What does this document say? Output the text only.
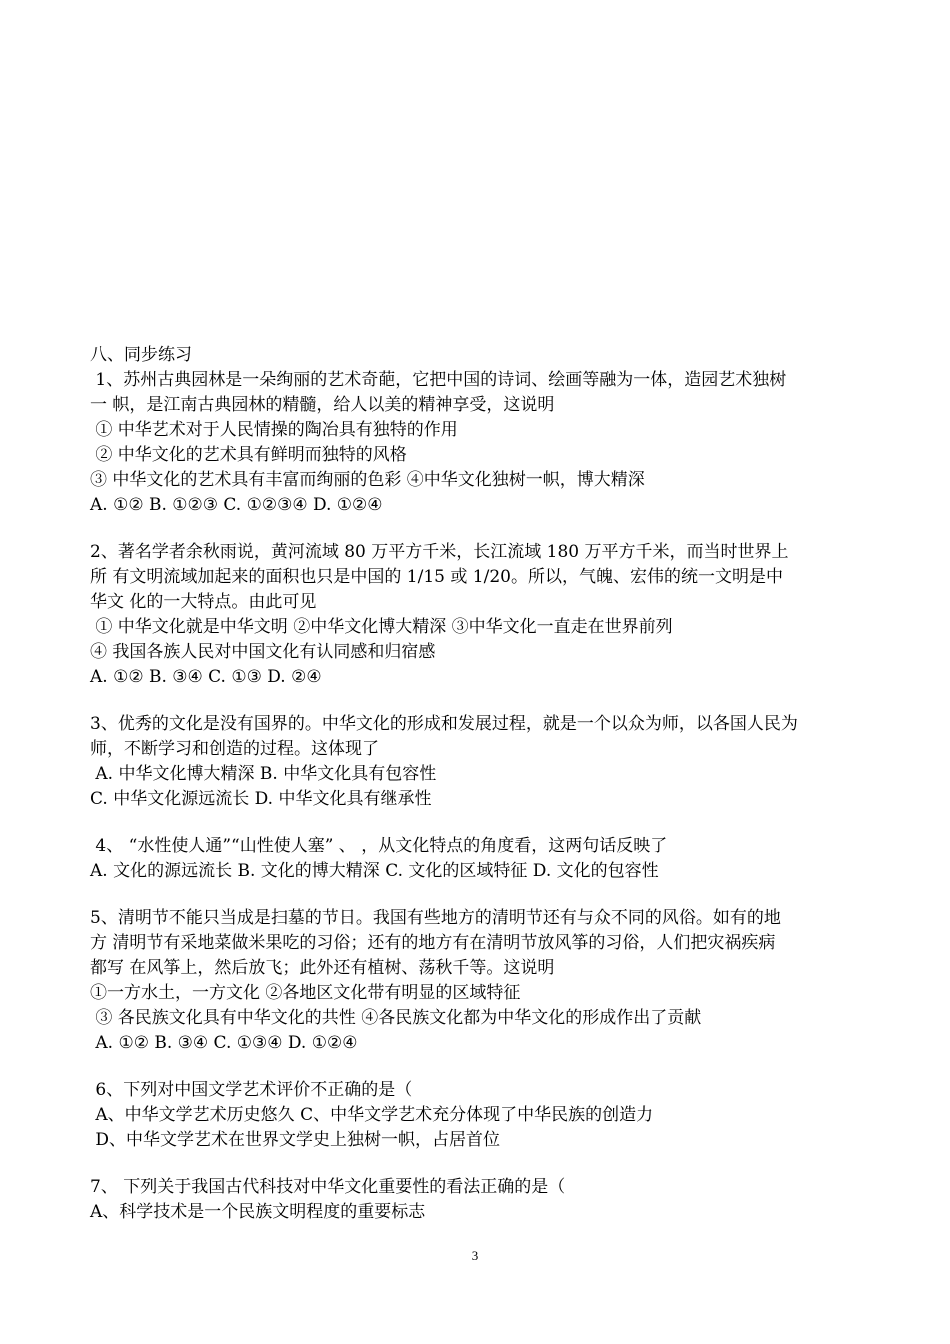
八、同步练习
1、苏州古典园林是一朵绚丽的艺术奇葩，它把中国的诗词、绘画等融为一体，造园艺术独树
一 帜，是江南古典园林的精髓，给人以美的精神享受，这说明
① 中华艺术对于人民情操的陶冶具有独特的作用
② 中华文化的艺术具有鲜明而独特的风格
③ 中华文化的艺术具有丰富而绚丽的色彩 ④中华文化独树一帜，博大精深
A. ①② B. ①②③ C. ①②③④ D. ①②④
2、著名学者余秋雨说，黄河流域 80 万平方千米，长江流域 180 万平方千米，而当时世界上
所 有文明流域加起来的面积也只是中国的 1/15 或 1/20。所以，气魄、宏伟的统一文明是中
华文 化的一大特点。由此可见
① 中华文化就是中华文明 ②中华文化博大精深 ③中华文化一直走在世界前列
④ 我国各族人民对中国文化有认同感和归宿感
A. ①② B. ③④ C. ①③ D. ②④
3、优秀的文化是没有国界的。中华文化的形成和发展过程，就是一个以众为师，以各国人民为
师，不断学习和创造的过程。这体现了
A. 中华文化博大精深 B. 中华文化具有包容性
C. 中华文化源远流长 D. 中华文化具有继承性
4、 “水性使人通”“山性使人塞” 、 ，从文化特点的角度看，这两句话反映了
A. 文化的源远流长 B. 文化的博大精深 C. 文化的区域特征 D. 文化的包容性
5、清明节不能只当成是扫墓的节日。我国有些地方的清明节还有与众不同的风俗。如有的地
方 清明节有采地菜做米果吃的习俗；还有的地方有在清明节放风筝的习俗，人们把灾祸疾病
都写 在风筝上，然后放飞；此外还有植树、荡秋千等。这说明
①一方水土，一方文化 ②各地区文化带有明显的区域特征
③ 各民族文化具有中华文化的共性 ④各民族文化都为中华文化的形成作出了贡献
A. ①② B. ③④ C. ①③④ D. ①②④
6、下列对中国文学艺术评价不正确的是（
A、中华文学艺术历史悠久 C、中华文学艺术充分体现了中华民族的创造力
D、中华文学艺术在世界文学史上独树一帜，占居首位
7、 下列关于我国古代科技对中华文化重要性的看法正确的是（
A、科学技术是一个民族文明程度的重要标志
3
